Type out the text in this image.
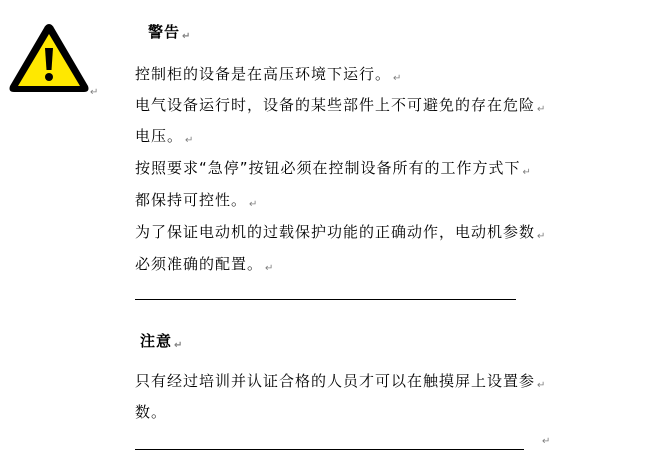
↵
警告 ↵
控制柜的设备是在高压环境下运行。 ↵
电气设备运行时，设备的某些部件上不可避免的存在危险 ↵
电压。 ↵
按照要求“急停”按钮必须在控制设备所有的工作方式下 ↵
都保持可控性。 ↵
为了保证电动机的过载保护功能的正确动作，电动机参数 ↵
必须准确的配置。 ↵
注意 ↵
只有经过培训并认证合格的人员才可以在触摸屏上设置参 ↵
数。
↵
